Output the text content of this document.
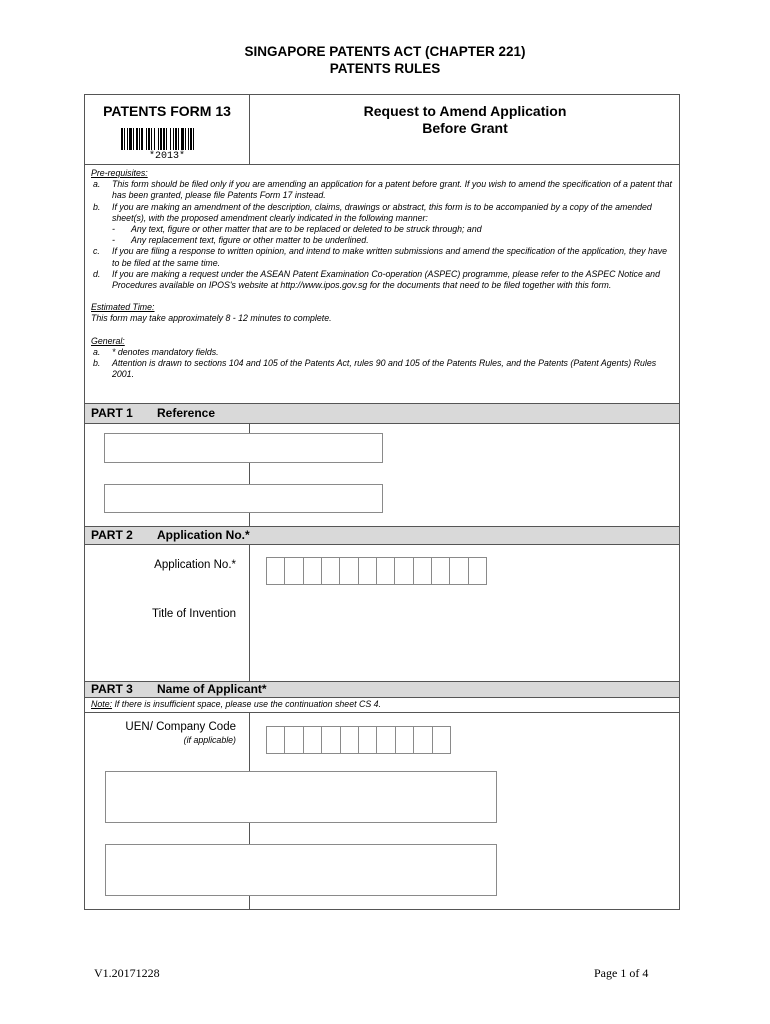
SINGAPORE PATENTS ACT (CHAPTER 221)
PATENTS RULES
PATENTS FORM 13
*2013*
Request to Amend Application
Before Grant
Pre-requisites:
a. This form should be filed only if you are amending an application for a patent before grant. If you wish to amend the specification of a patent that has been granted, please file Patents Form 17 instead.
b. If you are making an amendment of the description, claims, drawings or abstract, this form is to be accompanied by a copy of the amended sheet(s), with the proposed amendment clearly indicated in the following manner:
- Any text, figure or other matter that are to be replaced or deleted to be struck through; and
- Any replacement text, figure or other matter to be underlined.
c. If you are filing a response to written opinion, and intend to make written submissions and amend the specification of the application, they have to be filed at the same time.
d. If you are making a request under the ASEAN Patent Examination Co-operation (ASPEC) programme, please refer to the ASPEC Notice and Procedures available on IPOS's website at http://www.ipos.gov.sg for the documents that need to be filed together with this form.
Estimated Time:
This form may take approximately 8 - 12 minutes to complete.
General:
a. * denotes mandatory fields.
b. Attention is drawn to sections 104 and 105 of the Patents Act, rules 90 and 105 of the Patents Rules, and the Patents (Patent Agents) Rules 2001.
PART 1 Reference
PART 2 Application No.*
Application No.*
Title of Invention
PART 3 Name of Applicant*
Note: If there is insufficient space, please use the continuation sheet CS 4.
UEN/ Company Code
(if applicable)
V1.20171228	Page 1 of 4
